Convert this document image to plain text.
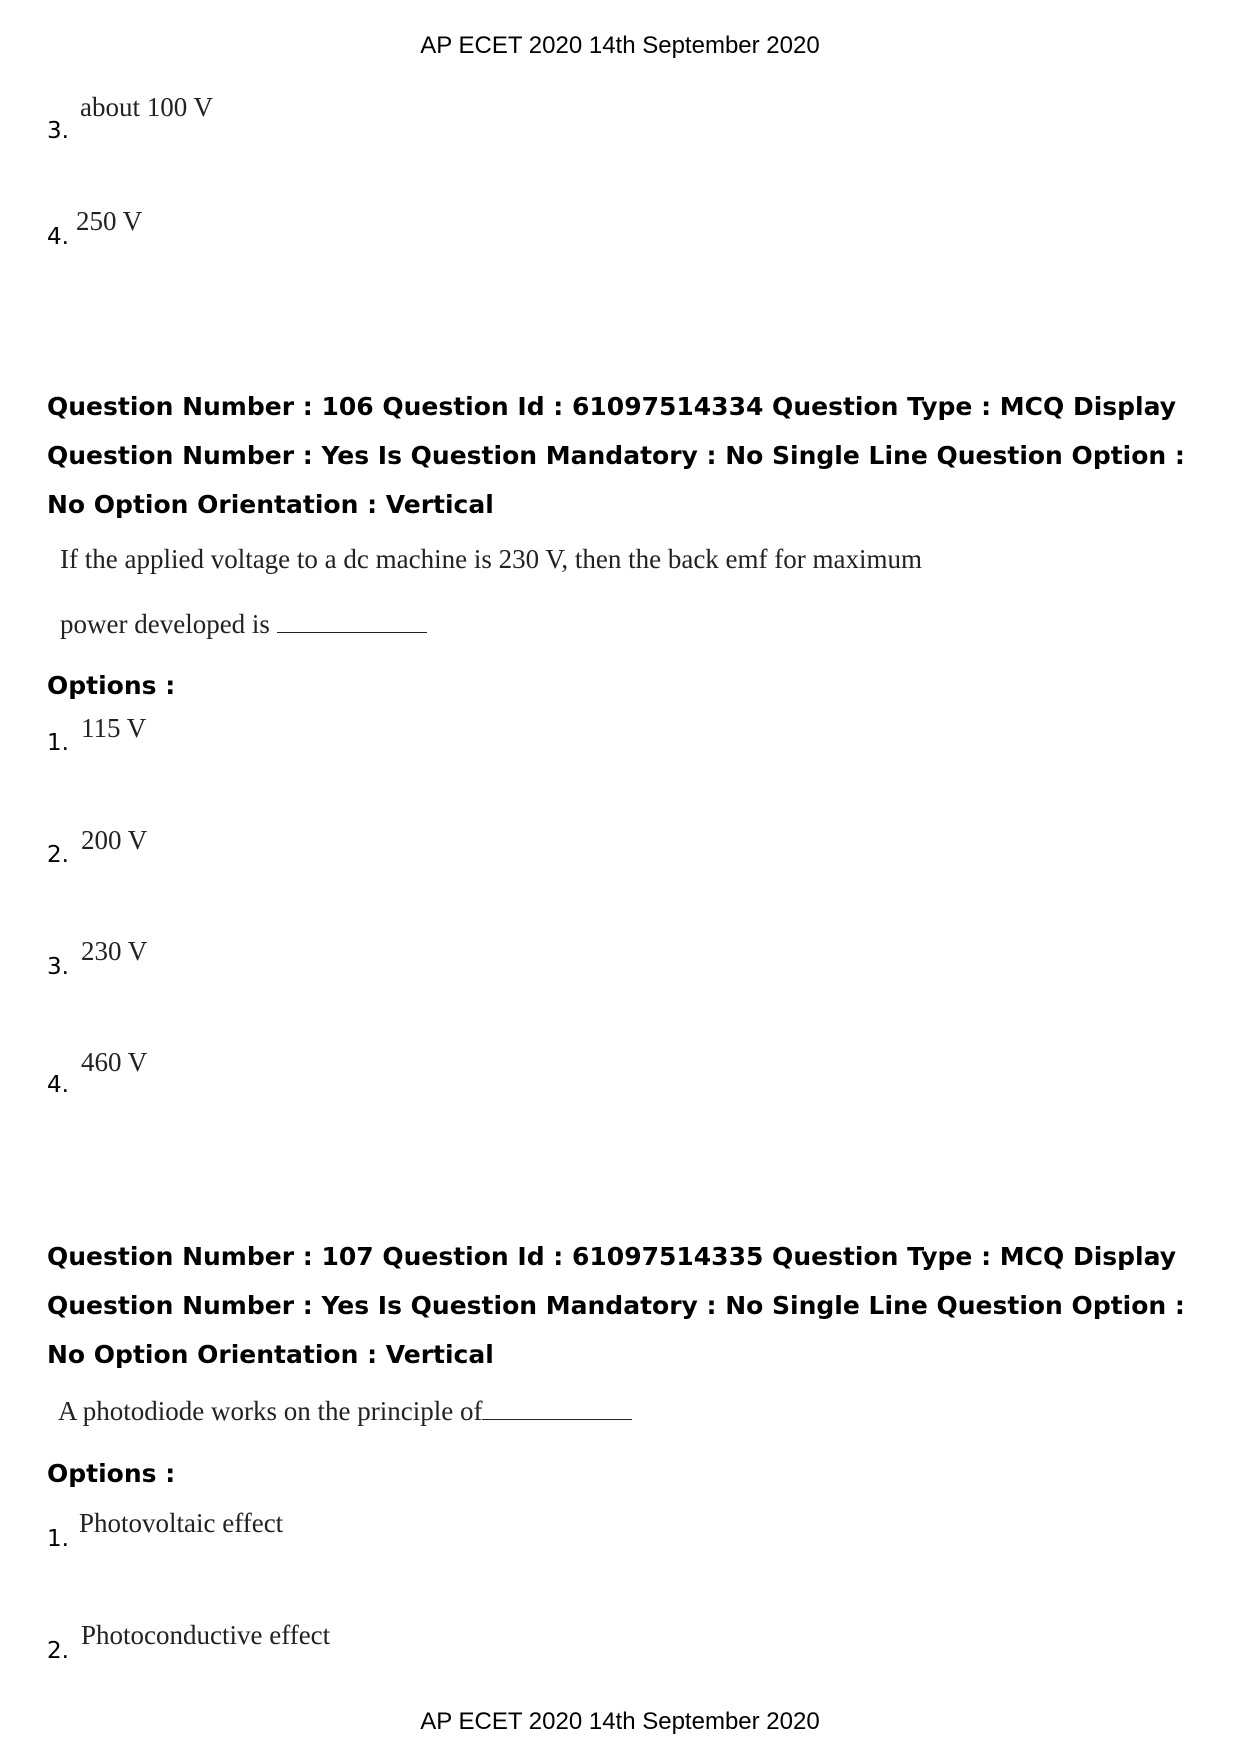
AP ECET 2020 14th September 2020
3.
about 100 V
4.
250 V
Question Number : 106 Question Id : 61097514334 Question Type : MCQ Display Question Number : Yes Is Question Mandatory : No Single Line Question Option : No Option Orientation : Vertical
If the applied voltage to a dc machine is 230 V, then the back emf for maximum
power developed is
Options :
1. 115 V
2. 200 V
3.
230 V
4.
460 V
Question Number : 107 Question Id : 61097514335 Question Type : MCQ Display Question Number : Yes Is Question Mandatory : No Single Line Question Option : No Option Orientation : Vertical
A photodiode works on the principle of
Options :
1.
Photovoltaic effect
2.
Photoconductive effect
AP ECET 2020 14th September 2020
